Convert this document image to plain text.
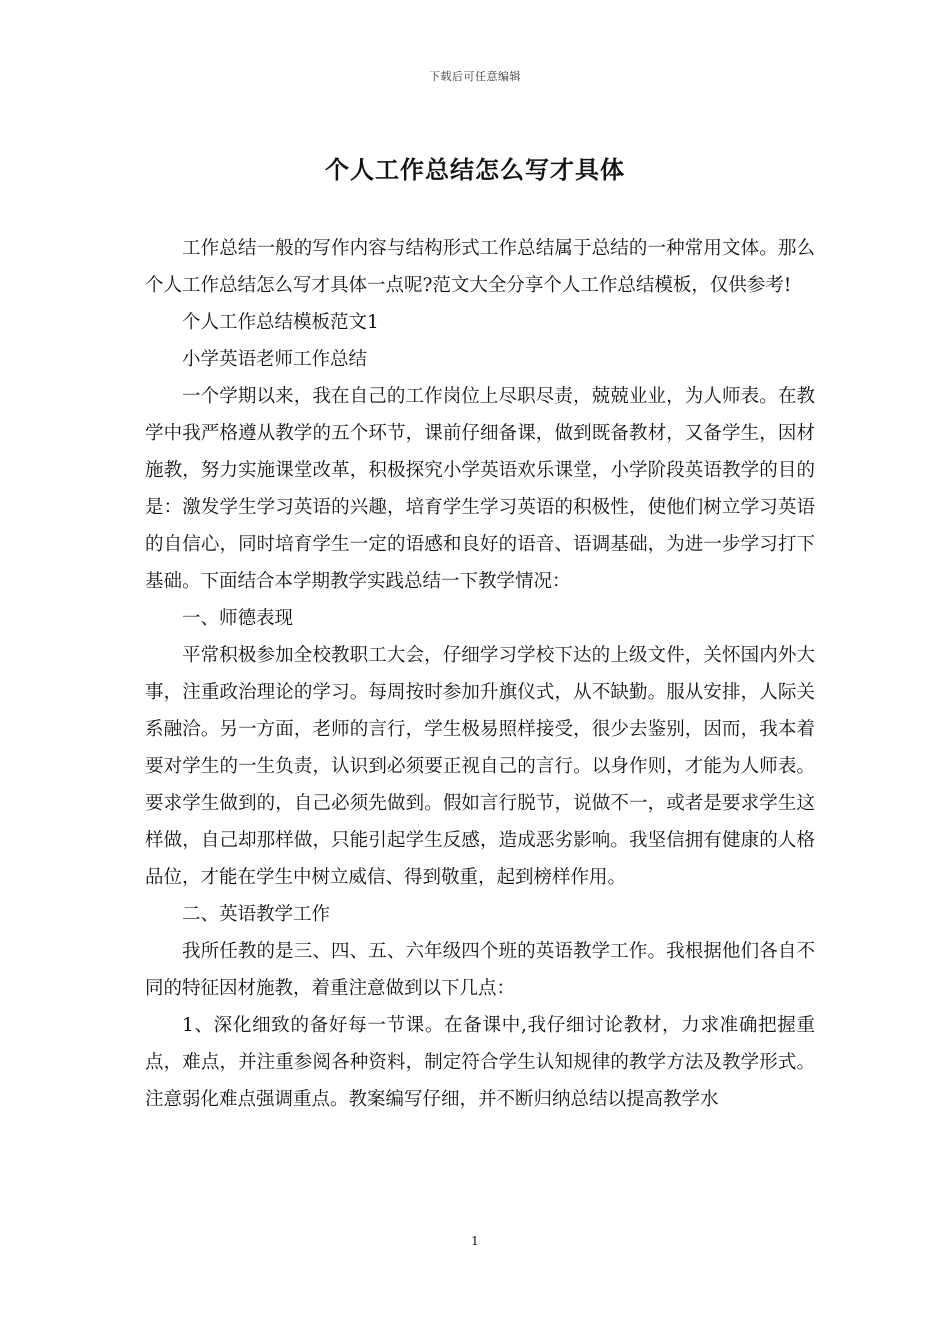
下载后可任意编辑
个人工作总结怎么写才具体

工作总结一般的写作内容与结构形式工作总结属于总结的一种常用文体。那么个人工作总结怎么写才具体一点呢?范文大全分享个人工作总结模板，仅供参考!

个人工作总结模板范文1

小学英语老师工作总结

一个学期以来，我在自己的工作岗位上尽职尽责，兢兢业业，为人师表。在教学中我严格遵从教学的五个环节，课前仔细备课，做到既备教材，又备学生，因材施教，努力实施课堂改革，积极探究小学英语欢乐课堂，小学阶段英语教学的目的是：激发学生学习英语的兴趣，培育学生学习英语的积极性，使他们树立学习英语的自信心，同时培育学生一定的语感和良好的语音、语调基础，为进一步学习打下基础。下面结合本学期教学实践总结一下教学情况：

一、师德表现

平常积极参加全校教职工大会，仔细学习学校下达的上级文件，关怀国内外大事，注重政治理论的学习。每周按时参加升旗仪式，从不缺勤。服从安排，人际关系融洽。另一方面，老师的言行，学生极易照样接受，很少去鉴别，因而，我本着要对学生的一生负责，认识到必须要正视自己的言行。以身作则，才能为人师表。要求学生做到的，自己必须先做到。假如言行脱节，说做不一，或者是要求学生这样做，自己却那样做，只能引起学生反感，造成恶劣影响。我坚信拥有健康的人格品位，才能在学生中树立威信、得到敬重，起到榜样作用。

二、英语教学工作

我所任教的是三、四、五、六年级四个班的英语教学工作。我根据他们各自不同的特征因材施教，着重注意做到以下几点：

1、深化细致的备好每一节课。在备课中,我仔细讨论教材，力求准确把握重点，难点，并注重参阅各种资料，制定符合学生认知规律的教学方法及教学形式。注意弱化难点强调重点。教案编写仔细，并不断归纳总结以提高教学水

1
